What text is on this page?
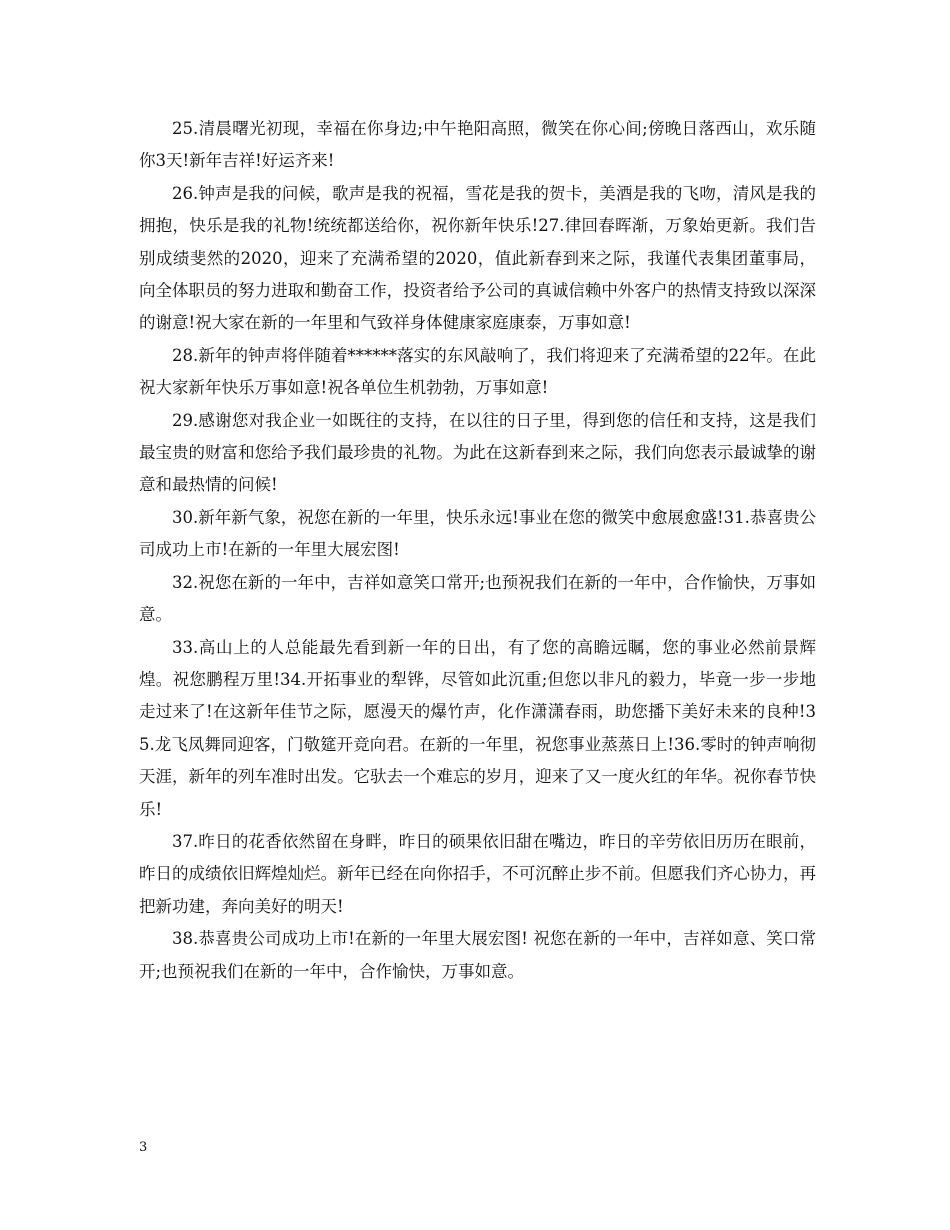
25.清晨曙光初现，幸福在你身边;中午艳阳高照，微笑在你心间;傍晚日落西山，欢乐随你3天!新年吉祥!好运齐来!

26.钟声是我的问候，歌声是我的祝福，雪花是我的贺卡，美酒是我的飞吻，清风是我的拥抱，快乐是我的礼物!统统都送给你，祝你新年快乐!27.律回春晖渐，万象始更新。我们告别成绩斐然的2020，迎来了充满希望的2020，值此新春到来之际，我谨代表集团董事局，向全体职员的努力进取和勤奋工作，投资者给予公司的真诚信赖中外客户的热情支持致以深深的谢意!祝大家在新的一年里和气致祥身体健康家庭康泰，万事如意!

28.新年的钟声将伴随着******落实的东风敲响了，我们将迎来了充满希望的22年。在此祝大家新年快乐万事如意!祝各单位生机勃勃，万事如意!

29.感谢您对我企业一如既往的支持，在以往的日子里，得到您的信任和支持，这是我们最宝贵的财富和您给予我们最珍贵的礼物。为此在这新春到来之际，我们向您表示最诚挚的谢意和最热情的问候!

30.新年新气象，祝您在新的一年里，快乐永远!事业在您的微笑中愈展愈盛!31.恭喜贵公司成功上市!在新的一年里大展宏图!

32.祝您在新的一年中，吉祥如意笑口常开;也预祝我们在新的一年中，合作愉快，万事如意。

33.高山上的人总能最先看到新一年的日出，有了您的高瞻远瞩，您的事业必然前景辉煌。祝您鹏程万里!34.开拓事业的犁铧，尽管如此沉重;但您以非凡的毅力，毕竟一步一步地走过来了!在这新年佳节之际，愿漫天的爆竹声，化作潇潇春雨，助您播下美好未来的良种!35.龙飞凤舞同迎客，门敬筵开竞向君。在新的一年里，祝您事业蒸蒸日上!36.零时的钟声响彻天涯，新年的列车准时出发。它驮去一个难忘的岁月，迎来了又一度火红的年华。祝你春节快乐!

37.昨日的花香依然留在身畔，昨日的硕果依旧甜在嘴边，昨日的辛劳依旧历历在眼前，昨日的成绩依旧辉煌灿烂。新年已经在向你招手，不可沉醉止步不前。但愿我们齐心协力，再把新功建，奔向美好的明天!

38.恭喜贵公司成功上市!在新的一年里大展宏图! 祝您在新的一年中，吉祥如意、笑口常开;也预祝我们在新的一年中，合作愉快，万事如意。

3
